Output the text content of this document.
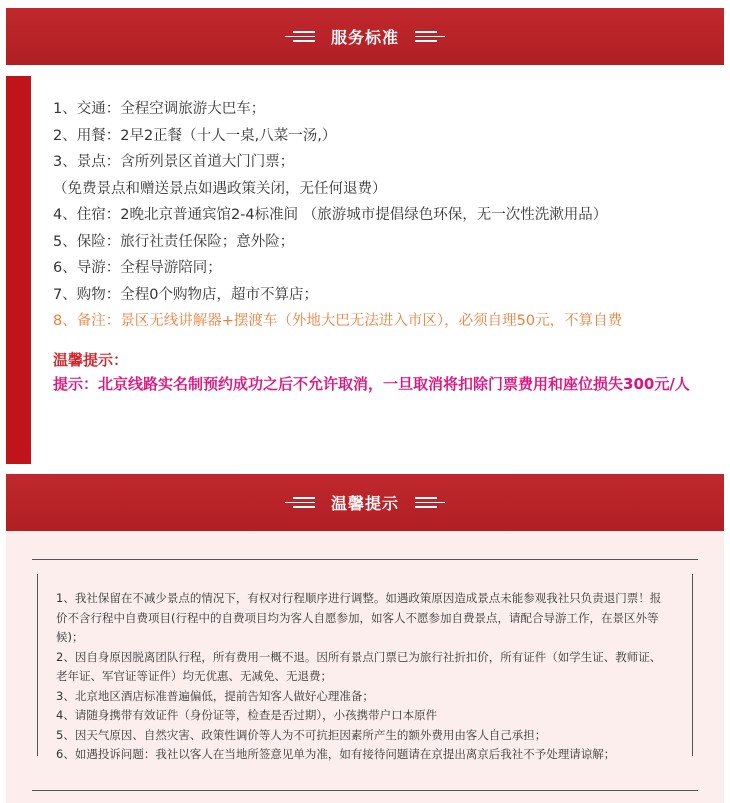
服务标准
1、交通：全程空调旅游大巴车；
2、用餐：2早2正餐（十人一桌,八菜一汤,）
3、景点：含所列景区首道大门门票；
（免费景点和赠送景点如遇政策关闭，无任何退费）
4、住宿：2晚北京普通宾馆2-4标准间 （旅游城市提倡绿色环保，无一次性洗漱用品）
5、保险：旅行社责任保险；意外险；
6、导游：全程导游陪同；
7、购物：全程0个购物店，超市不算店；
8、备注：景区无线讲解器+摆渡车（外地大巴无法进入市区），必须自理50元，不算自费
温馨提示：
提示：北京线路实名制预约成功之后不允许取消，一旦取消将扣除门票费用和座位损失300元/人
温馨提示

1、我社保留在不减少景点的情况下，有权对行程顺序进行调整。如遇政策原因造成景点未能参观我社只负责退门票！报价不含行程中自费项目(行程中的自费项目均为客人自愿参加，如客人不愿参加自费景点，请配合导游工作，在景区外等候)；

2、因自身原因脱离团队行程，所有费用一概不退。因所有景点门票已为旅行社折扣价，所有证件（如学生证、教师证、老年证、军官证等证件）均无优惠、无减免、无退费；

3、北京地区酒店标准普遍偏低，提前告知客人做好心理准备；

4、请随身携带有效证件（身份证等，检查是否过期），小孩携带户口本原件

5、因天气原因、自然灾害、政策性调价等人为不可抗拒因素所产生的额外费用由客人自己承担；

6、如遇投诉问题：我社以客人在当地所签意见单为准，如有接待问题请在京提出离京后我社不予处理请谅解；
